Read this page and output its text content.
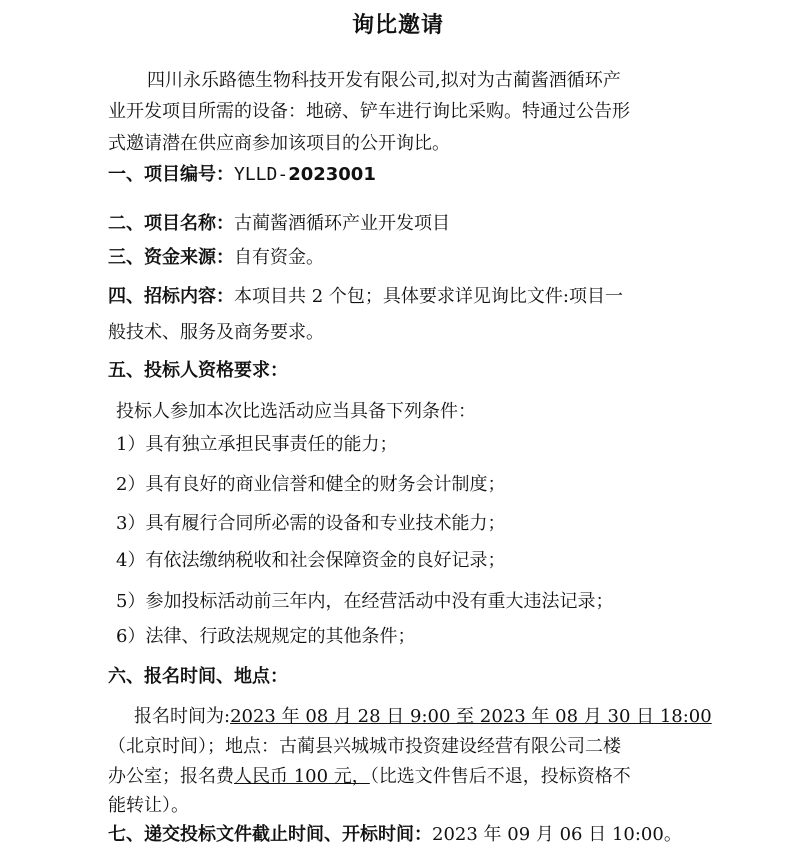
询比邀请
四川永乐路德生物科技开发有限公司,拟对为古蔺酱酒循环产
业开发项目所需的设备：地磅、铲车进行询比采购。特通过公告形
式邀请潜在供应商参加该项目的公开询比。
一、项目编号：YLLD-2023001
二、项目名称：古蔺酱酒循环产业开发项目
三、资金来源：自有资金。
四、招标内容：本项目共 2 个包；具体要求详见询比文件:项目一
般技术、服务及商务要求。
五、投标人资格要求：
投标人参加本次比选活动应当具备下列条件：
1）具有独立承担民事责任的能力；
2）具有良好的商业信誉和健全的财务会计制度；
3）具有履行合同所必需的设备和专业技术能力；
4）有依法缴纳税收和社会保障资金的良好记录；
5）参加投标活动前三年内，在经营活动中没有重大违法记录；
6）法律、行政法规规定的其他条件；
六、报名时间、地点：
报名时间为:2023 年 08 月 28 日 9:00 至 2023 年 08 月 30 日 18:00
（北京时间）；地点：古蔺县兴城城市投资建设经营有限公司二楼
办公室；报名费人民币 100 元，（比选文件售后不退，投标资格不
能转让）。
七、递交投标文件截止时间、开标时间：2023 年 09 月 06 日 10:00。
